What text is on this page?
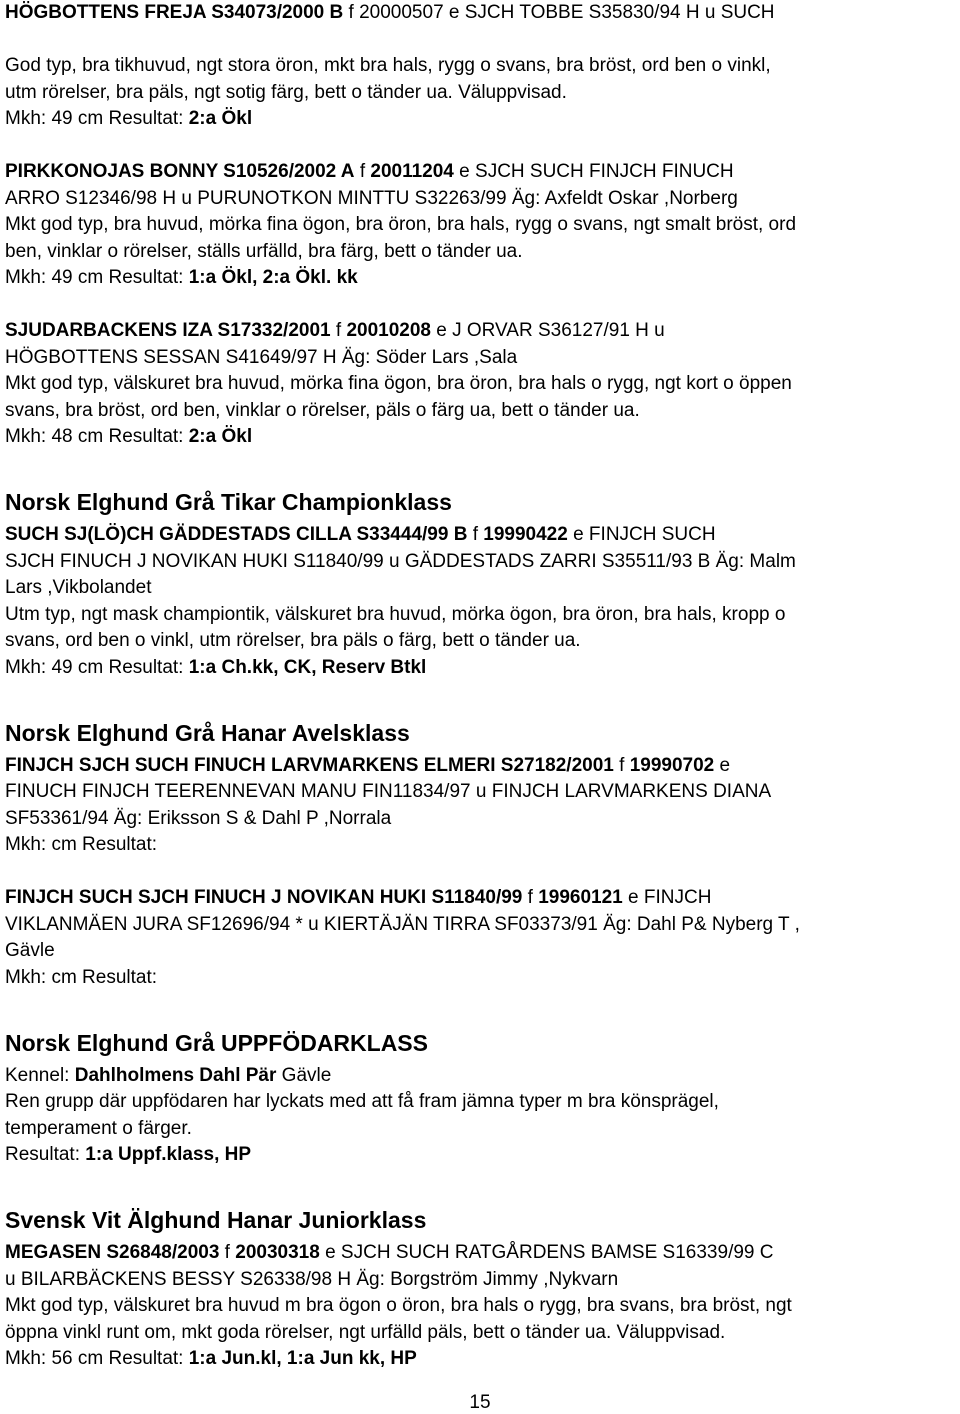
HÖGBOTTENS FREJA S34073/2000 B f 20000507 e SJCH TOBBE S35830/94 H u SUCH
God typ, bra tikhuvud, ngt stora öron, mkt bra hals, rygg o svans, bra bröst, ord ben o vinkl,
utm rörelser, bra päls, ngt sotig färg, bett o tänder ua. Väluppvisad.
Mkh: 49 cm Resultat: 2:a Ökl
PIRKKONOJAS BONNY S10526/2002 A f 20011204 e SJCH SUCH FINJCH FINUCH
ARRO S12346/98 H u PURUNOTKON MINTTU S32263/99 Äg: Axfeldt Oskar ,Norberg
Mkt god typ, bra huvud, mörka fina ögon, bra öron, bra hals, rygg o svans, ngt smalt bröst, ord
ben, vinklar o rörelser, ställs urfälld, bra färg, bett o tänder ua.
Mkh: 49 cm Resultat: 1:a Ökl, 2:a Ökl. kk
SJUDARBACKENS IZA S17332/2001 f 20010208 e J ORVAR S36127/91 H u
HÖGBOTTENS SESSAN S41649/97 H Äg: Söder Lars ,Sala
Mkt god typ, välskuret bra huvud, mörka fina ögon, bra öron, bra hals o rygg, ngt kort o öppen
svans, bra bröst, ord ben, vinklar o rörelser, päls o färg ua, bett o tänder ua.
Mkh: 48 cm Resultat: 2:a Ökl
Norsk Elghund Grå Tikar Championklass
SUCH SJ(LÖ)CH GÄDDESTADS CILLA S33444/99 B f 19990422 e FINJCH SUCH
SJCH FINUCH J NOVIKAN HUKI S11840/99 u GÄDDESTADS ZARRI S35511/93 B Äg: Malm
Lars ,Vikbolandet
Utm typ, ngt mask championtik, välskuret bra huvud, mörka ögon, bra öron, bra hals, kropp o
svans, ord ben o vinkl, utm rörelser, bra päls o färg, bett o tänder ua.
Mkh: 49 cm Resultat: 1:a Ch.kk, CK, Reserv Btkl
Norsk Elghund Grå Hanar Avelsklass
FINJCH SJCH SUCH FINUCH LARVMARKENS ELMERI S27182/2001 f 19990702 e
FINUCH FINJCH TEERENNEVAN MANU FIN11834/97 u FINJCH LARVMARKENS DIANA
SF53361/94 Äg: Eriksson S & Dahl P ,Norrala
Mkh: cm Resultat:
FINJCH SUCH SJCH FINUCH J NOVIKAN HUKI S11840/99 f 19960121 e FINJCH
VIKLANMÄEN JURA SF12696/94 * u KIERTÄJÄN TIRRA SF03373/91 Äg: Dahl P& Nyberg T ,
Gävle
Mkh: cm Resultat:
Norsk Elghund Grå UPPFÖDARKLASS
Kennel: Dahlholmens Dahl Pär Gävle
Ren grupp där uppfödaren har lyckats med att få fram jämna typer m bra könsprägel,
temperament o färger.
Resultat: 1:a Uppf.klass, HP
Svensk Vit Älghund Hanar Juniorklass
MEGASEN S26848/2003 f 20030318 e SJCH SUCH RATGÅRDENS BAMSE S16339/99 C
u BILARBÄCKENS BESSY S26338/98 H Äg: Borgström Jimmy ,Nykvarn
Mkt god typ, välskuret bra huvud m bra ögon o öron, bra hals o rygg, bra svans, bra bröst, ngt
öppna vinkl runt om, mkt goda rörelser, ngt urfälld päls, bett o tänder ua. Väluppvisad.
Mkh: 56 cm Resultat: 1:a Jun.kl, 1:a Jun kk, HP
15
